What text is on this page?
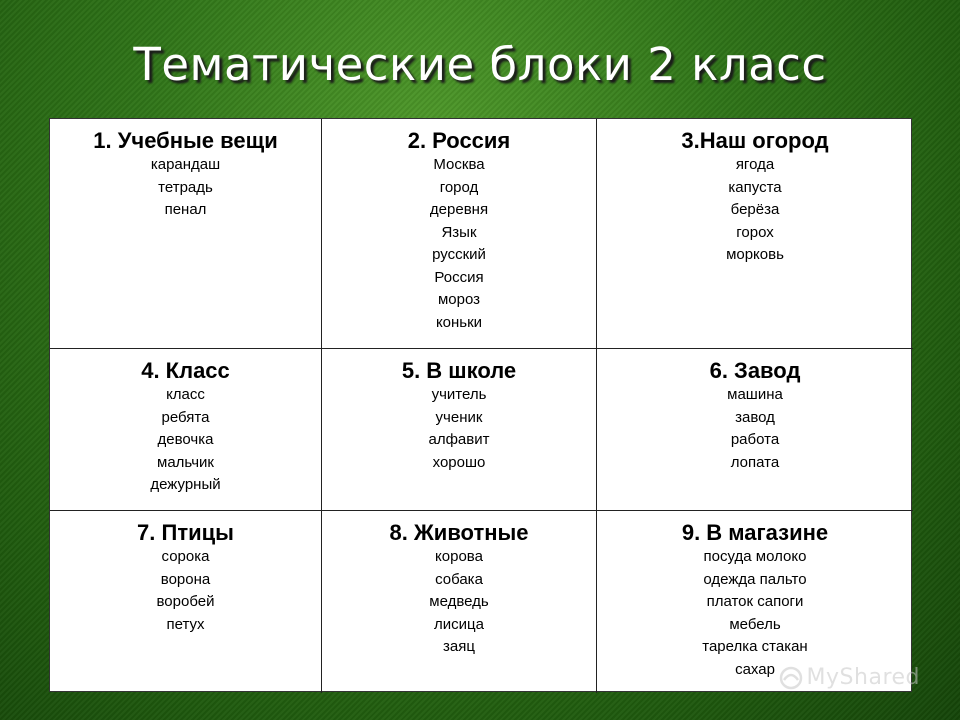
Тематические блоки 2 класс
1. Учебные вещи
карандаш
тетрадь
пенал
2. Россия
Москва
город
деревня
Язык
русский
Россия
мороз
коньки
3.Наш огород
ягода
капуста
берёза
горох
морковь
4. Класс
класс
ребята
девочка
мальчик
дежурный
5. В школе
учитель
ученик
алфавит
хорошо
6. Завод
машина
завод
работа
лопата
7. Птицы
сорока
ворона
воробей
петух
8. Животные
корова
собака
медведь
лисица
заяц
9. В магазине
посуда молоко
одежда пальто
платок сапоги
мебель
тарелка стакан
сахар	MyShared
